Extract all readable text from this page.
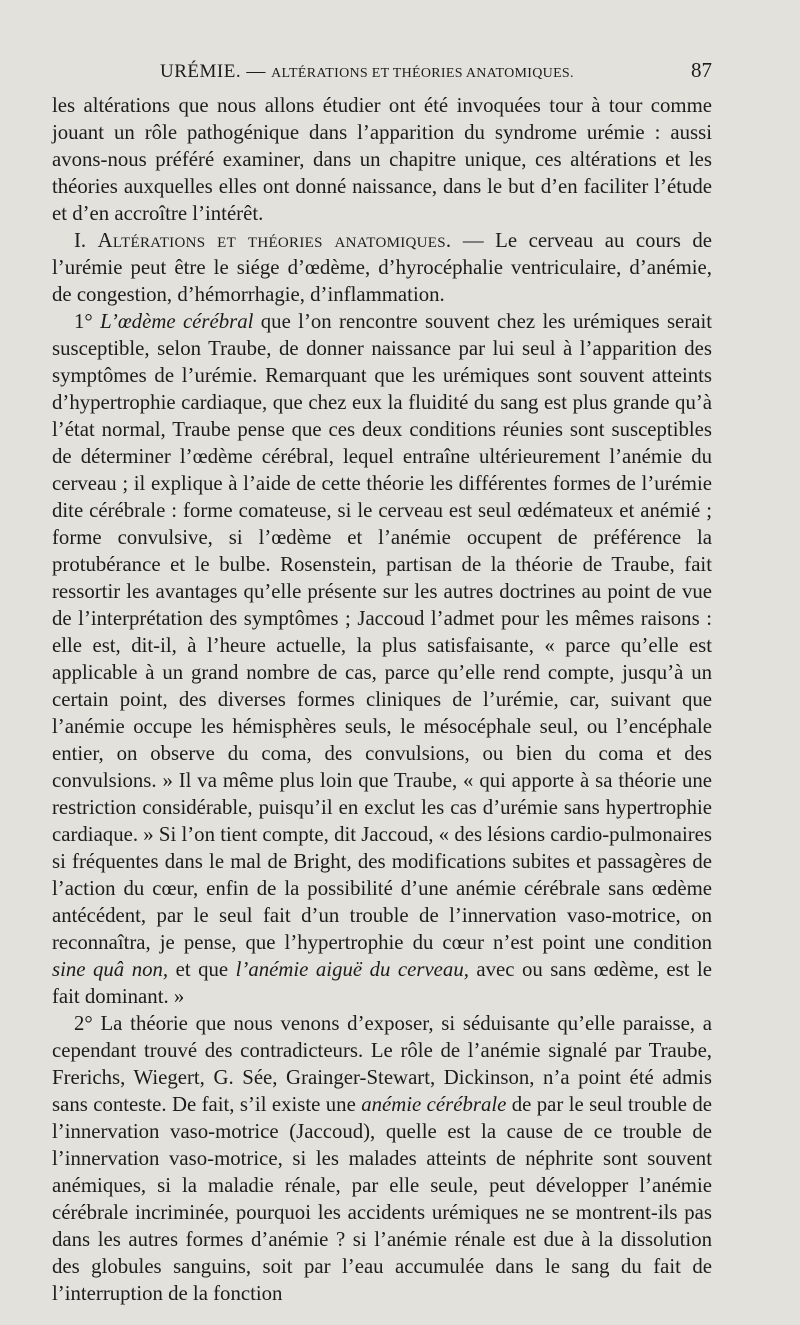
URÉMIE. — ALTÉRATIONS ET THÉORIES ANATOMIQUES.	87

les altérations que nous allons étudier ont été invoquées tour à tour comme jouant un rôle pathogénique dans l’apparition du syndrome urémie : aussi avons-nous préféré examiner, dans un chapitre unique, ces altérations et les théories auxquelles elles ont donné naissance, dans le but d’en faciliter l’étude et d’en accroître l’intérêt.

I. Altérations et théories anatomiques. — Le cerveau au cours de l’urémie peut être le siége d’œdème, d’hyrocéphalie ventriculaire, d’anémie, de congestion, d’hémorrhagie, d’inflammation.

1° L’œdème cérébral que l’on rencontre souvent chez les urémiques serait susceptible, selon Traube, de donner naissance par lui seul à l’apparition des symptômes de l’urémie. Remarquant que les urémiques sont souvent atteints d’hypertrophie cardiaque, que chez eux la fluidité du sang est plus grande qu’à l’état normal, Traube pense que ces deux conditions réunies sont susceptibles de déterminer l’œdème cérébral, lequel entraîne ultérieurement l’anémie du cerveau ; il explique à l’aide de cette théorie les différentes formes de l’urémie dite cérébrale : forme comateuse, si le cerveau est seul œdémateux et anémié ; forme convulsive, si l’œdème et l’anémie occupent de préférence la protubérance et le bulbe. Rosenstein, partisan de la théorie de Traube, fait ressortir les avantages qu’elle présente sur les autres doctrines au point de vue de l’interprétation des symptômes ; Jaccoud l’admet pour les mêmes raisons : elle est, dit-il, à l’heure actuelle, la plus satisfaisante, « parce qu’elle est applicable à un grand nombre de cas, parce qu’elle rend compte, jusqu’à un certain point, des diverses formes cliniques de l’urémie, car, suivant que l’anémie occupe les hémisphères seuls, le mésocéphale seul, ou l’encéphale entier, on observe du coma, des convulsions, ou bien du coma et des convulsions. » Il va même plus loin que Traube, « qui apporte à sa théorie une restriction considérable, puisqu’il en exclut les cas d’urémie sans hypertrophie cardiaque. » Si l’on tient compte, dit Jaccoud, « des lésions cardio-pulmonaires si fréquentes dans le mal de Bright, des modifications subites et passagères de l’action du cœur, enfin de la possibilité d’une anémie cérébrale sans œdème antécédent, par le seul fait d’un trouble de l’innervation vaso-motrice, on reconnaîtra, je pense, que l’hypertrophie du cœur n’est point une condition sine quâ non, et que l’anémie aiguë du cerveau, avec ou sans œdème, est le fait dominant. »

2° La théorie que nous venons d’exposer, si séduisante qu’elle paraisse, a cependant trouvé des contradicteurs. Le rôle de l’anémie signalé par Traube, Frerichs, Wiegert, G. Sée, Grainger-Stewart, Dickinson, n’a point été admis sans conteste. De fait, s’il existe une anémie cérébrale de par le seul trouble de l’innervation vaso-motrice (Jaccoud), quelle est la cause de ce trouble de l’innervation vaso-motrice, si les malades atteints de néphrite sont souvent anémiques, si la maladie rénale, par elle seule, peut développer l’anémie cérébrale incriminée, pourquoi les accidents urémiques ne se montrent-ils pas dans les autres formes d’anémie ? si l’anémie rénale est due à la dissolution des globules sanguins, soit par l’eau accumulée dans le sang du fait de l’interruption de la fonction
